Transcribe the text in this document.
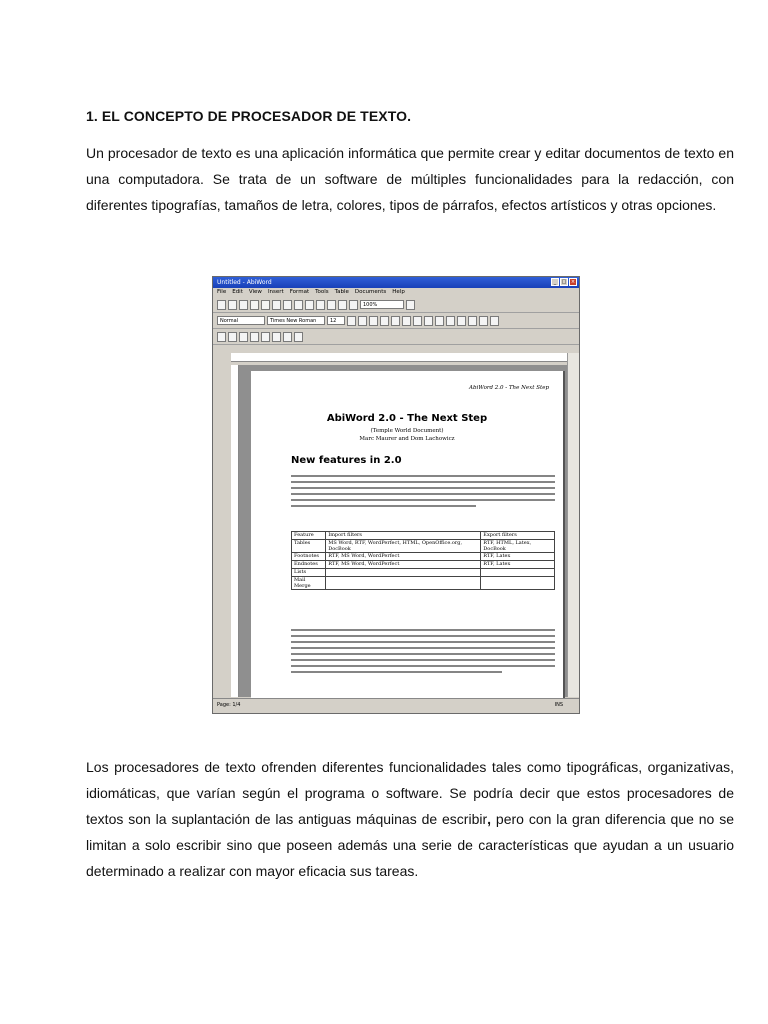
1. EL CONCEPTO DE PROCESADOR DE TEXTO.
Un procesador de texto es una aplicación informática que permite crear y editar documentos de texto en una computadora. Se trata de un software de múltiples funcionalidades para la redacción, con diferentes tipografías, tamaños de letra, colores, tipos de párrafos, efectos artísticos y otras opciones.
Untitled - AbiWord	_	□ ×
File Edit View Insert Format Tools Table Documents Help
100%
Normal	Times New Roman	12
AbiWord 2.0 - The Next Step
AbiWord 2.0 - The Next Step
(Temple World Document)
Marc Maurer and Dom Lachowicz
New features in 2.0
Feature	Import filters	Export filters
Tables	MS Word, RTF, WordPerfect, HTML, OpenOffice.org, DocBook	RTF, HTML, Latex, DocBook
Footnotes	RTF, MS Word, WordPerfect	RTF, Latex
Endnotes	RTF, MS Word, WordPerfect	RTF, Latex
Lists		
Mail Merge		
Page: 1/4	INS
Los procesadores de texto ofrenden diferentes funcionalidades tales como tipográficas, organizativas, idiomáticas, que varían según el programa o software. Se podría decir que estos procesadores de textos son la suplantación de las antiguas máquinas de escribir, pero con la gran diferencia que no se limitan a solo escribir sino que poseen además una serie de características que ayudan a un usuario determinado a realizar con mayor eficacia sus tareas.
